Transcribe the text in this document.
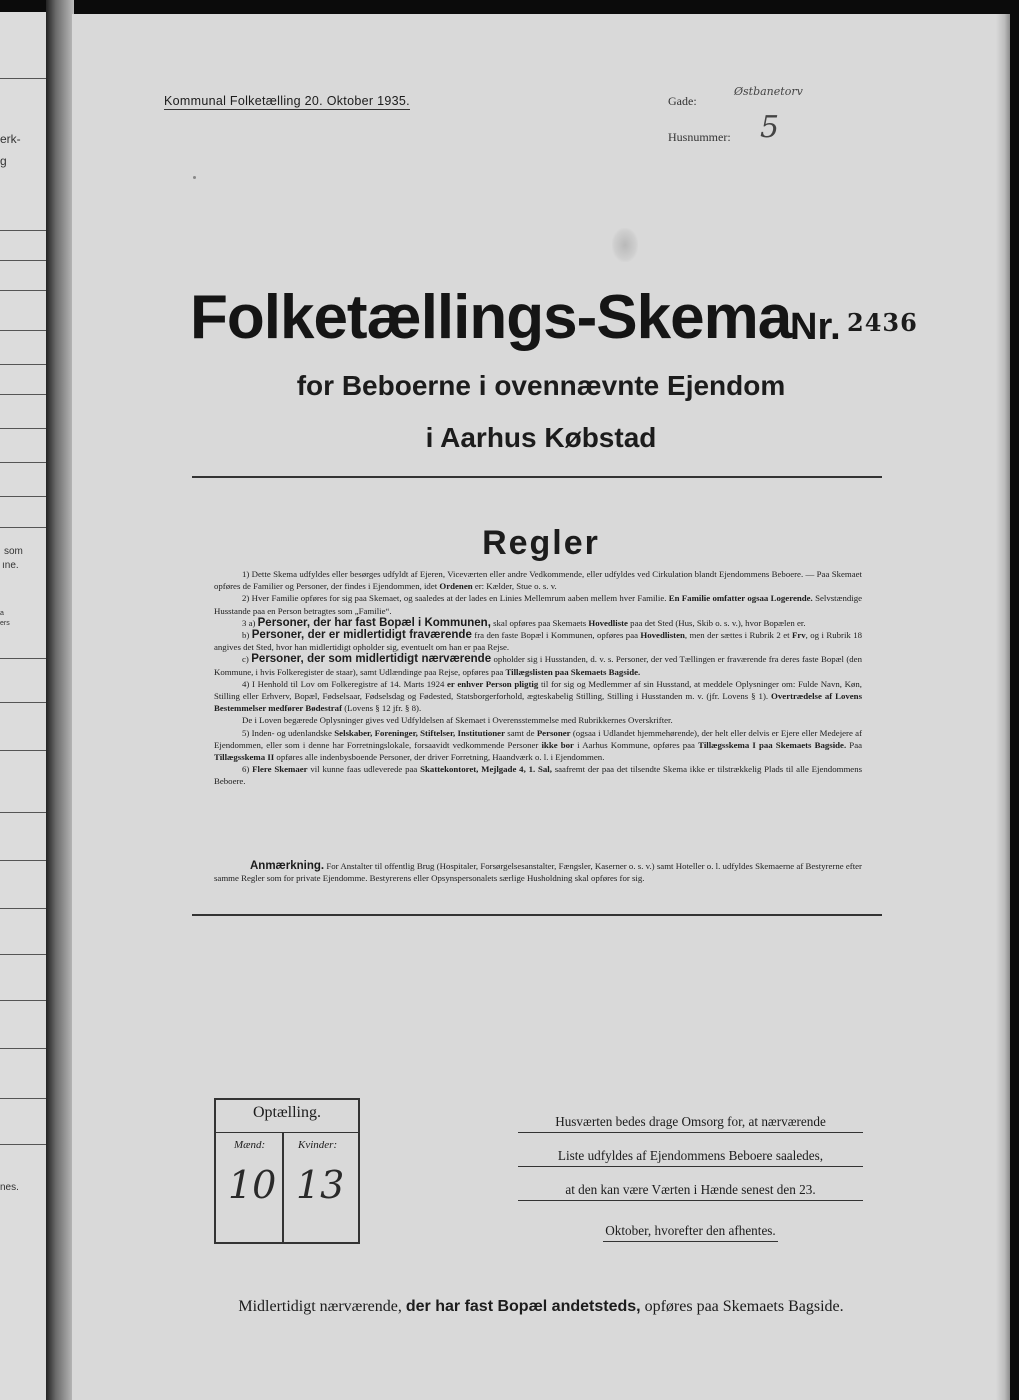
erk-
g
som
ıne.
a
ers
nes.
Kommunal Folketælling 20. Oktober 1935.	Gade:
Østbanetorv
Husnummer: 5
Folketællings-Skema
Nr. 2436
for Beboerne i ovennævnte Ejendom
i Aarhus Købstad
Regler

1) Dette Skema udfyldes eller besørges udfyldt af Ejeren, Viceværten eller andre Vedkommende, eller udfyldes ved Cirkulation blandt Ejendommens Beboere. — Paa Skemaet opføres de Familier og Personer, der findes i Ejendommen, idet Ordenen er: Kælder, Stue o. s. v.

2) Hver Familie opføres for sig paa Skemaet, og saaledes at der lades en Linies Mellemrum aaben mellem hver Familie. En Familie omfatter ogsaa Logerende. Selvstændige Husstande paa en Person betragtes som „Familie“.

3 a) Personer, der har fast Bopæl i Kommunen, skal opføres paa Skemaets Hovedliste paa det Sted (Hus, Skib o. s. v.), hvor Bopælen er.

b) Personer, der er midlertidigt fraværende fra den faste Bopæl i Kommunen, opføres paa Hovedlisten, men der sættes i Rubrik 2 et Frv, og i Rubrik 18 angives det Sted, hvor han midlertidigt opholder sig, eventuelt om han er paa Rejse.

c) Personer, der som midlertidigt nærværende opholder sig i Husstanden, d. v. s. Personer, der ved Tællingen er fraværende fra deres faste Bopæl (den Kommune, i hvis Folkeregister de staar), samt Udlændinge paa Rejse, opføres paa Tillægslisten paa Skemaets Bagside.

4) I Henhold til Lov om Folkeregistre af 14. Marts 1924 er enhver Person pligtig til for sig og Medlemmer af sin Husstand, at meddele Oplysninger om: Fulde Navn, Køn, Stilling eller Erhverv, Bopæl, Fødselsaar, Fødselsdag og Fødested, Statsborgerforhold, ægteskabelig Stilling, Stilling i Husstanden m. v. (jfr. Lovens § 1). Overtrædelse af Lovens Bestemmelser medfører Bødestraf (Lovens § 12 jfr. § 8).

De i Loven begærede Oplysninger gives ved Udfyldelsen af Skemaet i Overensstemmelse med Rubrikkernes Overskrifter.

5) Inden- og udenlandske Selskaber, Foreninger, Stiftelser, Institutioner samt de Personer (ogsaa i Udlandet hjemmehørende), der helt eller delvis er Ejere eller Medejere af Ejendommen, eller som i denne har Forretningslokale, forsaavidt vedkommende Personer ikke bor i Aarhus Kommune, opføres paa Tillægsskema I paa Skemaets Bagside. Paa Tillægsskema II opføres alle indenbysboende Personer, der driver Forretning, Haandværk o. l. i Ejendommen.

6) Flere Skemaer vil kunne faas udleverede paa Skattekontoret, Mejlgade 4, 1. Sal, saafremt der paa det tilsendte Skema ikke er tilstrækkelig Plads til alle Ejendommens Beboere.

Anmærkning. For Anstalter til offentlig Brug (Hospitaler, Forsørgelsesanstalter, Fængsler, Kaserner o. s. v.) samt Hoteller o. l. udfyldes Skemaerne af Bestyrerne efter samme Regler som for private Ejendomme. Bestyrerens eller Opsynspersonalets særlige Husholdning skal opføres for sig.

Optælling.
Mænd:	Kvinder:
10 13
Husværten bedes drage Omsorg for, at nærværende
Liste udfyldes af Ejendommens Beboere saaledes,
at den kan være Værten i Hænde senest den 23.
Oktober, hvorefter den afhentes.
Midlertidigt nærværende, der har fast Bopæl andetsteds, opføres paa Skemaets Bagside.
